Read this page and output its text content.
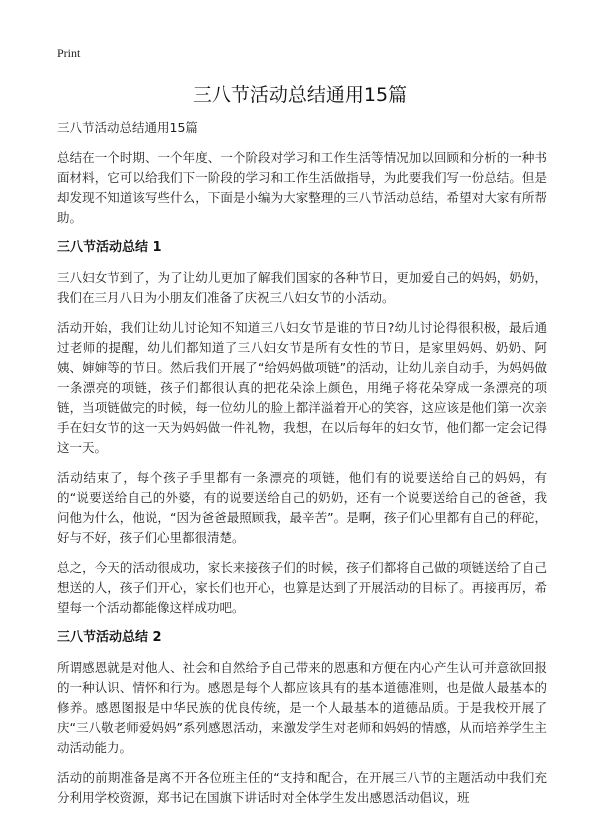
Print
三八节活动总结通用15篇

三八节活动总结通用15篇

总结在一个时期、一个年度、一个阶段对学习和工作生活等情况加以回顾和分析的一种书面材料，它可以给我们下一阶段的学习和工作生活做指导，为此要我们写一份总结。但是却发现不知道该写些什么，下面是小编为大家整理的三八节活动总结，希望对大家有所帮助。

三八节活动总结 1

三八妇女节到了，为了让幼儿更加了解我们国家的各种节日，更加爱自己的妈妈，奶奶，我们在三月八日为小朋友们准备了庆祝三八妇女节的小活动。

活动开始，我们让幼儿讨论知不知道三八妇女节是谁的节日?幼儿讨论得很积极，最后通过老师的提醒，幼儿们都知道了三八妇女节是所有女性的节日，是家里妈妈、奶奶、阿姨、婶婶等的节日。然后我们开展了“给妈妈做项链”的活动，让幼儿亲自动手，为妈妈做一条漂亮的项链，孩子们都很认真的把花朵涂上颜色，用绳子将花朵穿成一条漂亮的项链，当项链做完的时候，每一位幼儿的脸上都洋溢着开心的笑容，这应该是他们第一次亲手在妇女节的这一天为妈妈做一件礼物，我想，在以后每年的妇女节，他们都一定会记得这一天。

活动结束了，每个孩子手里都有一条漂亮的项链，他们有的说要送给自己的妈妈，有的“说要送给自己的外婆，有的说要送给自己的奶奶，还有一个说要送给自己的爸爸，我问他为什么，他说，“因为爸爸最照顾我，最辛苦”。是啊，孩子们心里都有自己的秤砣，好与不好，孩子们心里都很清楚。

总之，今天的活动很成功，家长来接孩子们的时候，孩子们都将自己做的项链送给了自己想送的人，孩子们开心，家长们也开心，也算是达到了开展活动的目标了。再接再厉，希望每一个活动都能像这样成功吧。

三八节活动总结 2

所谓感恩就是对他人、社会和自然给予自己带来的恩惠和方便在内心产生认可并意欲回报的一种认识、情怀和行为。感恩是每个人都应该具有的基本道德准则，也是做人最基本的修养。感恩图报是中华民族的优良传统，是一个人最基本的道德品质。于是我校开展了庆“三八敬老师爱妈妈”系列感恩活动，来激发学生对老师和妈妈的情感，从而培养学生主动活动能力。

活动的前期准备是离不开各位班主任的“支持和配合，在开展三八节的主题活动中我们充分利用学校资源，郑书记在国旗下讲话时对全体学生发出感恩活动倡议，班
